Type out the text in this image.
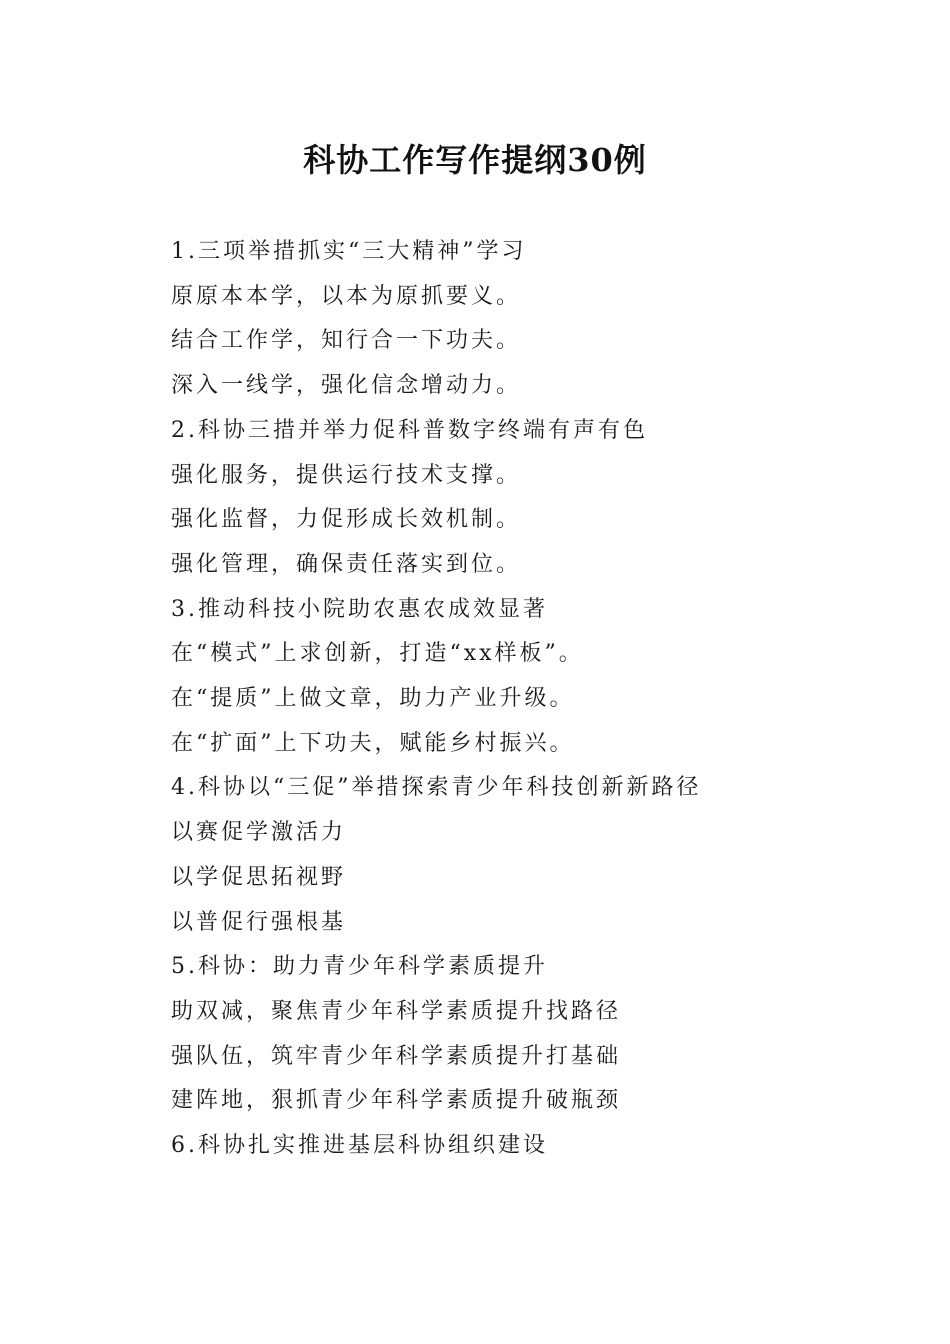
科协工作写作提纲30例
1.三项举措抓实“三大精神”学习
原原本本学，以本为原抓要义。
结合工作学，知行合一下功夫。
深入一线学，强化信念增动力。
2.科协三措并举力促科普数字终端有声有色
强化服务，提供运行技术支撑。
强化监督，力促形成长效机制。
强化管理，确保责任落实到位。
3.推动科技小院助农惠农成效显著
在“模式”上求创新，打造“xx样板”。
在“提质”上做文章，助力产业升级。
在“扩面”上下功夫，赋能乡村振兴。
4.科协以“三促”举措探索青少年科技创新新路径
以赛促学激活力
以学促思拓视野
以普促行强根基
5.科协：助力青少年科学素质提升
助双减，聚焦青少年科学素质提升找路径
强队伍，筑牢青少年科学素质提升打基础
建阵地，狠抓青少年科学素质提升破瓶颈
6.科协扎实推进基层科协组织建设
